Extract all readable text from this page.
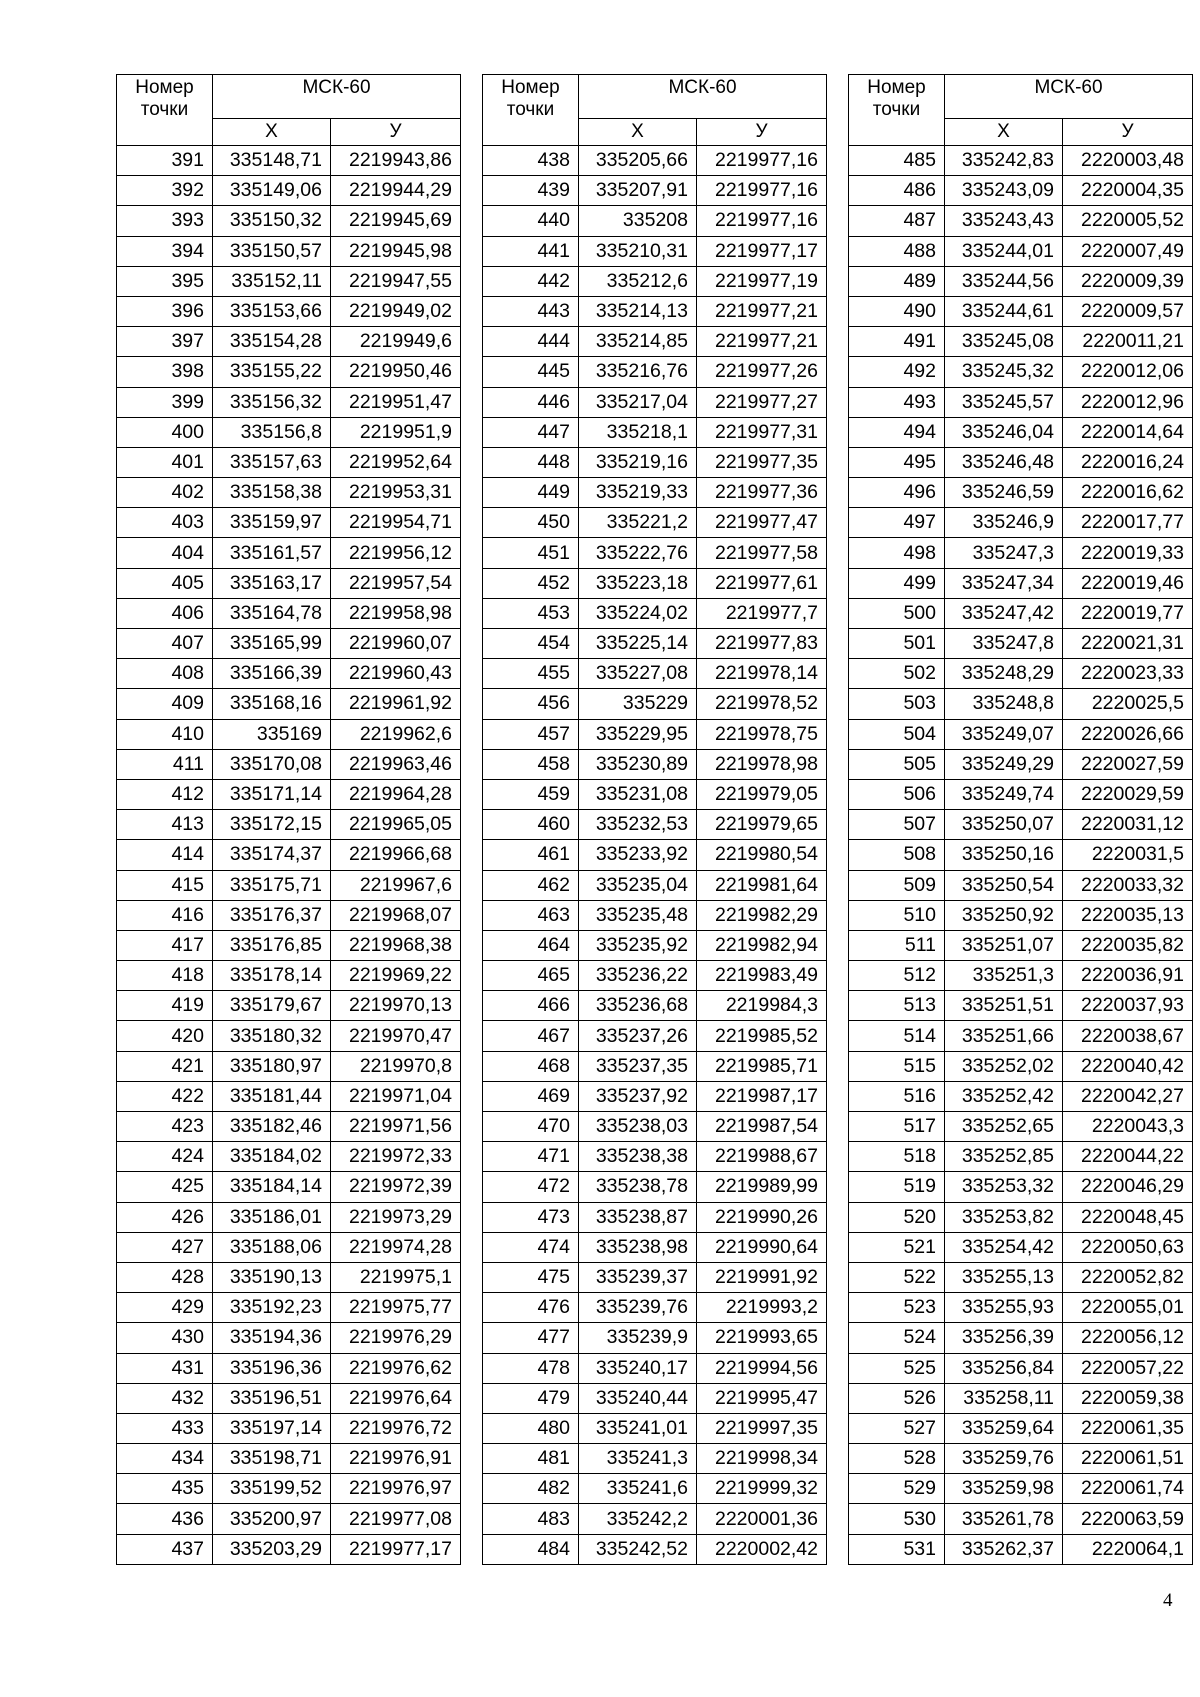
Номер точки	МСК-60	
	Х	У
391	335148,71	2219943,86
392	335149,06	2219944,29
393	335150,32	2219945,69
394	335150,57	2219945,98
395	335152,11	2219947,55
396	335153,66	2219949,02
397	335154,28	2219949,6
398	335155,22	2219950,46
399	335156,32	2219951,47
400	335156,8	2219951,9
401	335157,63	2219952,64
402	335158,38	2219953,31
403	335159,97	2219954,71
404	335161,57	2219956,12
405	335163,17	2219957,54
406	335164,78	2219958,98
407	335165,99	2219960,07
408	335166,39	2219960,43
409	335168,16	2219961,92
410	335169	2219962,6
411	335170,08	2219963,46
412	335171,14	2219964,28
413	335172,15	2219965,05
414	335174,37	2219966,68
415	335175,71	2219967,6
416	335176,37	2219968,07
417	335176,85	2219968,38
418	335178,14	2219969,22
419	335179,67	2219970,13
420	335180,32	2219970,47
421	335180,97	2219970,8
422	335181,44	2219971,04
423	335182,46	2219971,56
424	335184,02	2219972,33
425	335184,14	2219972,39
426	335186,01	2219973,29
427	335188,06	2219974,28
428	335190,13	2219975,1
429	335192,23	2219975,77
430	335194,36	2219976,29
431	335196,36	2219976,62
432	335196,51	2219976,64
433	335197,14	2219976,72
434	335198,71	2219976,91
435	335199,52	2219976,97
436	335200,97	2219977,08
437	335203,29	2219977,17
Номер точки	МСК-60	
	Х	У
438	335205,66	2219977,16
439	335207,91	2219977,16
440	335208	2219977,16
441	335210,31	2219977,17
442	335212,6	2219977,19
443	335214,13	2219977,21
444	335214,85	2219977,21
445	335216,76	2219977,26
446	335217,04	2219977,27
447	335218,1	2219977,31
448	335219,16	2219977,35
449	335219,33	2219977,36
450	335221,2	2219977,47
451	335222,76	2219977,58
452	335223,18	2219977,61
453	335224,02	2219977,7
454	335225,14	2219977,83
455	335227,08	2219978,14
456	335229	2219978,52
457	335229,95	2219978,75
458	335230,89	2219978,98
459	335231,08	2219979,05
460	335232,53	2219979,65
461	335233,92	2219980,54
462	335235,04	2219981,64
463	335235,48	2219982,29
464	335235,92	2219982,94
465	335236,22	2219983,49
466	335236,68	2219984,3
467	335237,26	2219985,52
468	335237,35	2219985,71
469	335237,92	2219987,17
470	335238,03	2219987,54
471	335238,38	2219988,67
472	335238,78	2219989,99
473	335238,87	2219990,26
474	335238,98	2219990,64
475	335239,37	2219991,92
476	335239,76	2219993,2
477	335239,9	2219993,65
478	335240,17	2219994,56
479	335240,44	2219995,47
480	335241,01	2219997,35
481	335241,3	2219998,34
482	335241,6	2219999,32
483	335242,2	2220001,36
484	335242,52	2220002,42
Номер точки	МСК-60	
	Х	У
485	335242,83	2220003,48
486	335243,09	2220004,35
487	335243,43	2220005,52
488	335244,01	2220007,49
489	335244,56	2220009,39
490	335244,61	2220009,57
491	335245,08	2220011,21
492	335245,32	2220012,06
493	335245,57	2220012,96
494	335246,04	2220014,64
495	335246,48	2220016,24
496	335246,59	2220016,62
497	335246,9	2220017,77
498	335247,3	2220019,33
499	335247,34	2220019,46
500	335247,42	2220019,77
501	335247,8	2220021,31
502	335248,29	2220023,33
503	335248,8	2220025,5
504	335249,07	2220026,66
505	335249,29	2220027,59
506	335249,74	2220029,59
507	335250,07	2220031,12
508	335250,16	2220031,5
509	335250,54	2220033,32
510	335250,92	2220035,13
511	335251,07	2220035,82
512	335251,3	2220036,91
513	335251,51	2220037,93
514	335251,66	2220038,67
515	335252,02	2220040,42
516	335252,42	2220042,27
517	335252,65	2220043,3
518	335252,85	2220044,22
519	335253,32	2220046,29
520	335253,82	2220048,45
521	335254,42	2220050,63
522	335255,13	2220052,82
523	335255,93	2220055,01
524	335256,39	2220056,12
525	335256,84	2220057,22
526	335258,11	2220059,38
527	335259,64	2220061,35
528	335259,76	2220061,51
529	335259,98	2220061,74
530	335261,78	2220063,59
531	335262,37	2220064,1
4
